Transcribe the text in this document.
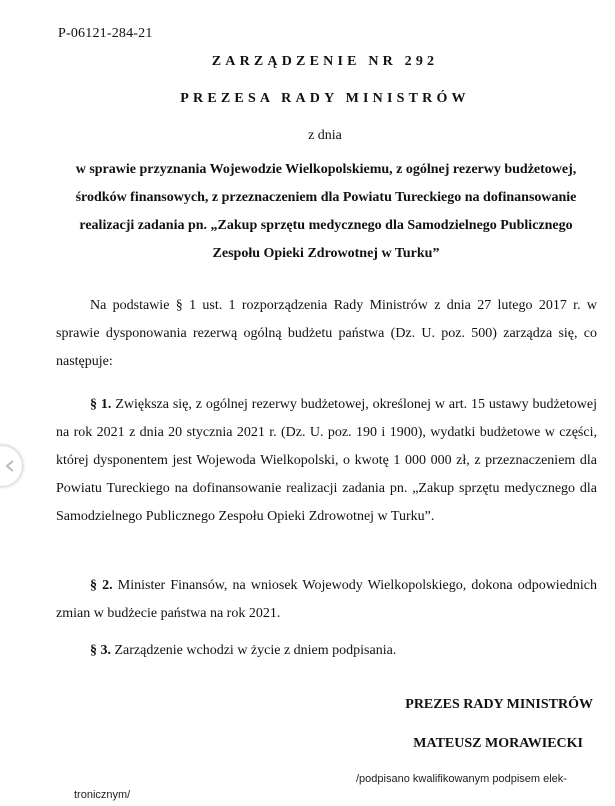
P-06121-284-21
ZARZĄDZENIE NR 292
PREZESA RADY MINISTRÓW
z dnia
w sprawie przyznania Wojewodzie Wielkopolskiemu, z ogólnej rezerwy budżetowej, środków finansowych, z przeznaczeniem dla Powiatu Tureckiego na dofinansowanie realizacji zadania pn. „Zakup sprzętu medycznego dla Samodzielnego Publicznego Zespołu Opieki Zdrowotnej w Turku”

Na podstawie § 1 ust. 1 rozporządzenia Rady Ministrów z dnia 27 lutego 2017 r. w sprawie dysponowania rezerwą ogólną budżetu państwa (Dz. U. poz. 500) zarządza się, co następuje:

§ 1. Zwiększa się, z ogólnej rezerwy budżetowej, określonej w art. 15 ustawy budżetowej na rok 2021 z dnia 20 stycznia 2021 r. (Dz. U. poz. 190 i 1900), wydatki budżetowe w części, której dysponentem jest Wojewoda Wielkopolski, o kwotę 1 000 000 zł, z przeznaczeniem dla Powiatu Tureckiego na dofinansowanie realizacji zadania pn. „Zakup sprzętu medycznego dla Samodzielnego Publicznego Zespołu Opieki Zdrowotnej w Turku”.

§ 2. Minister Finansów, na wniosek Wojewody Wielkopolskiego, dokona odpowiednich zmian w budżecie państwa na rok 2021.

§ 3. Zarządzenie wchodzi w życie z dniem podpisania.

PREZES RADY MINISTRÓW
MATEUSZ MORAWIECKI
/podpisano kwalifikowanym podpisem elek-
tronicznym/
